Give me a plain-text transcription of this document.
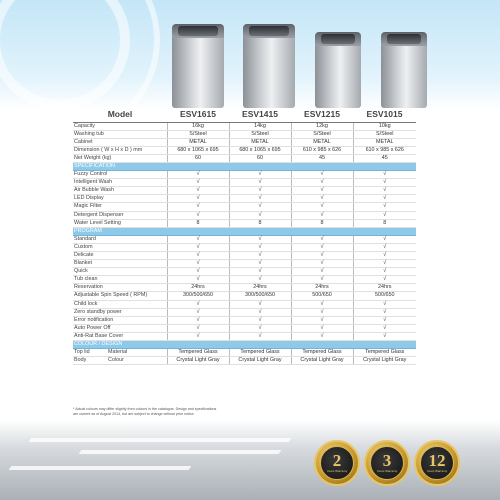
Model	ESV1615	ESV1415	ESV1215	ESV1015
Capacity	16kg	14kg	12kg	10kg
Washing tub	S/Steel	S/Steel	S/Steel	S/Steel
Cabinet	METAL	METAL	METAL	METAL
Dimension ( W x H x D ) mm	680 x 1065 x 695	680 x 1065 x 695	610 x 985 x 626	610 x 985 x 626
Net Weight (kg)	60	60	45	45
SPECIFICATION				
Fuzzy Control	√	√	√	√
Intelligent Wash	√	√	√	√
Air Bubble Wash	√	√	√	√
LED Display	√	√	√	√
Magic Filter	√	√	√	√
Detergent Dispenser	√	√	√	√
Water Level Setting	8	8	8	8
PROGRAM				
Standard	√	√	√	√
Custom	√	√	√	√
Delicate	√	√	√	√
Blanket	√	√	√	√
Quick	√	√	√	√
Tub clean	√	√	√	√
Reservation	24hrs	24hrs	24hrs	24hrs
Adjustable Spin Speed ( RPM)	300/500/650	300/500/650	500/650	500/650
Child lock	√	√	√	√
Zero standby power	√	√	√	√
Error notification	√	√	√	√
Auto Power Off	√	√	√	√
Anti-Rat Base Cover	√	√	√	√
COLOUR / DESIGN				
Top lid Material	Tempered Glass	Tempered Glass	Tempered Glass	Tempered Glass
Body Colour	Crystal Light Gray	Crystal Light Gray	Crystal Light Gray	Crystal Light Gray
* Actual colours may differ slightly from colours in the catalogue. Design and specifications
are current as of August 2014, but are subject to change without prior notice.
2
Years Warranty
3
Years Warranty
12
Years Warranty
